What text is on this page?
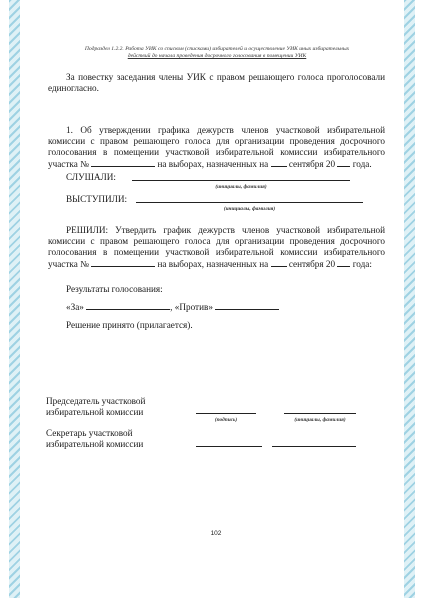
Подраздел 1.2.2. Работа УИК со списком (списками) избирателей и осуществление УИК иных избирательных
действий до начала проведения досрочного голосования в помещении УИК
За повестку заседания члены УИК с правом решающего голоса проголосовали единогласно.
1. Об утверждении графика дежурств членов участковой избирательной комиссии с правом решающего голоса для организации проведения досрочного голосования в помещении участковой избирательной комиссии избирательного участка №	на выборах, назначенных на сентября 20 года.
СЛУШАЛИ:
(инициалы, фамилия)
ВЫСТУПИЛИ:
(инициалы, фамилия)
РЕШИЛИ: Утвердить график дежурств членов участковой избирательной комиссии с правом решающего голоса для организации проведения досрочного голосования в помещении участковой избирательной комиссии избирательного участка №	на выборах, назначенных на сентября 20 года:
Результаты голосования:
«За»	, «Против»
Решение принято (прилагается).
Председатель участковой избирательной комиссии
(подпись)	(инициалы, фамилия)
Секретарь участковой избирательной комиссии
102
